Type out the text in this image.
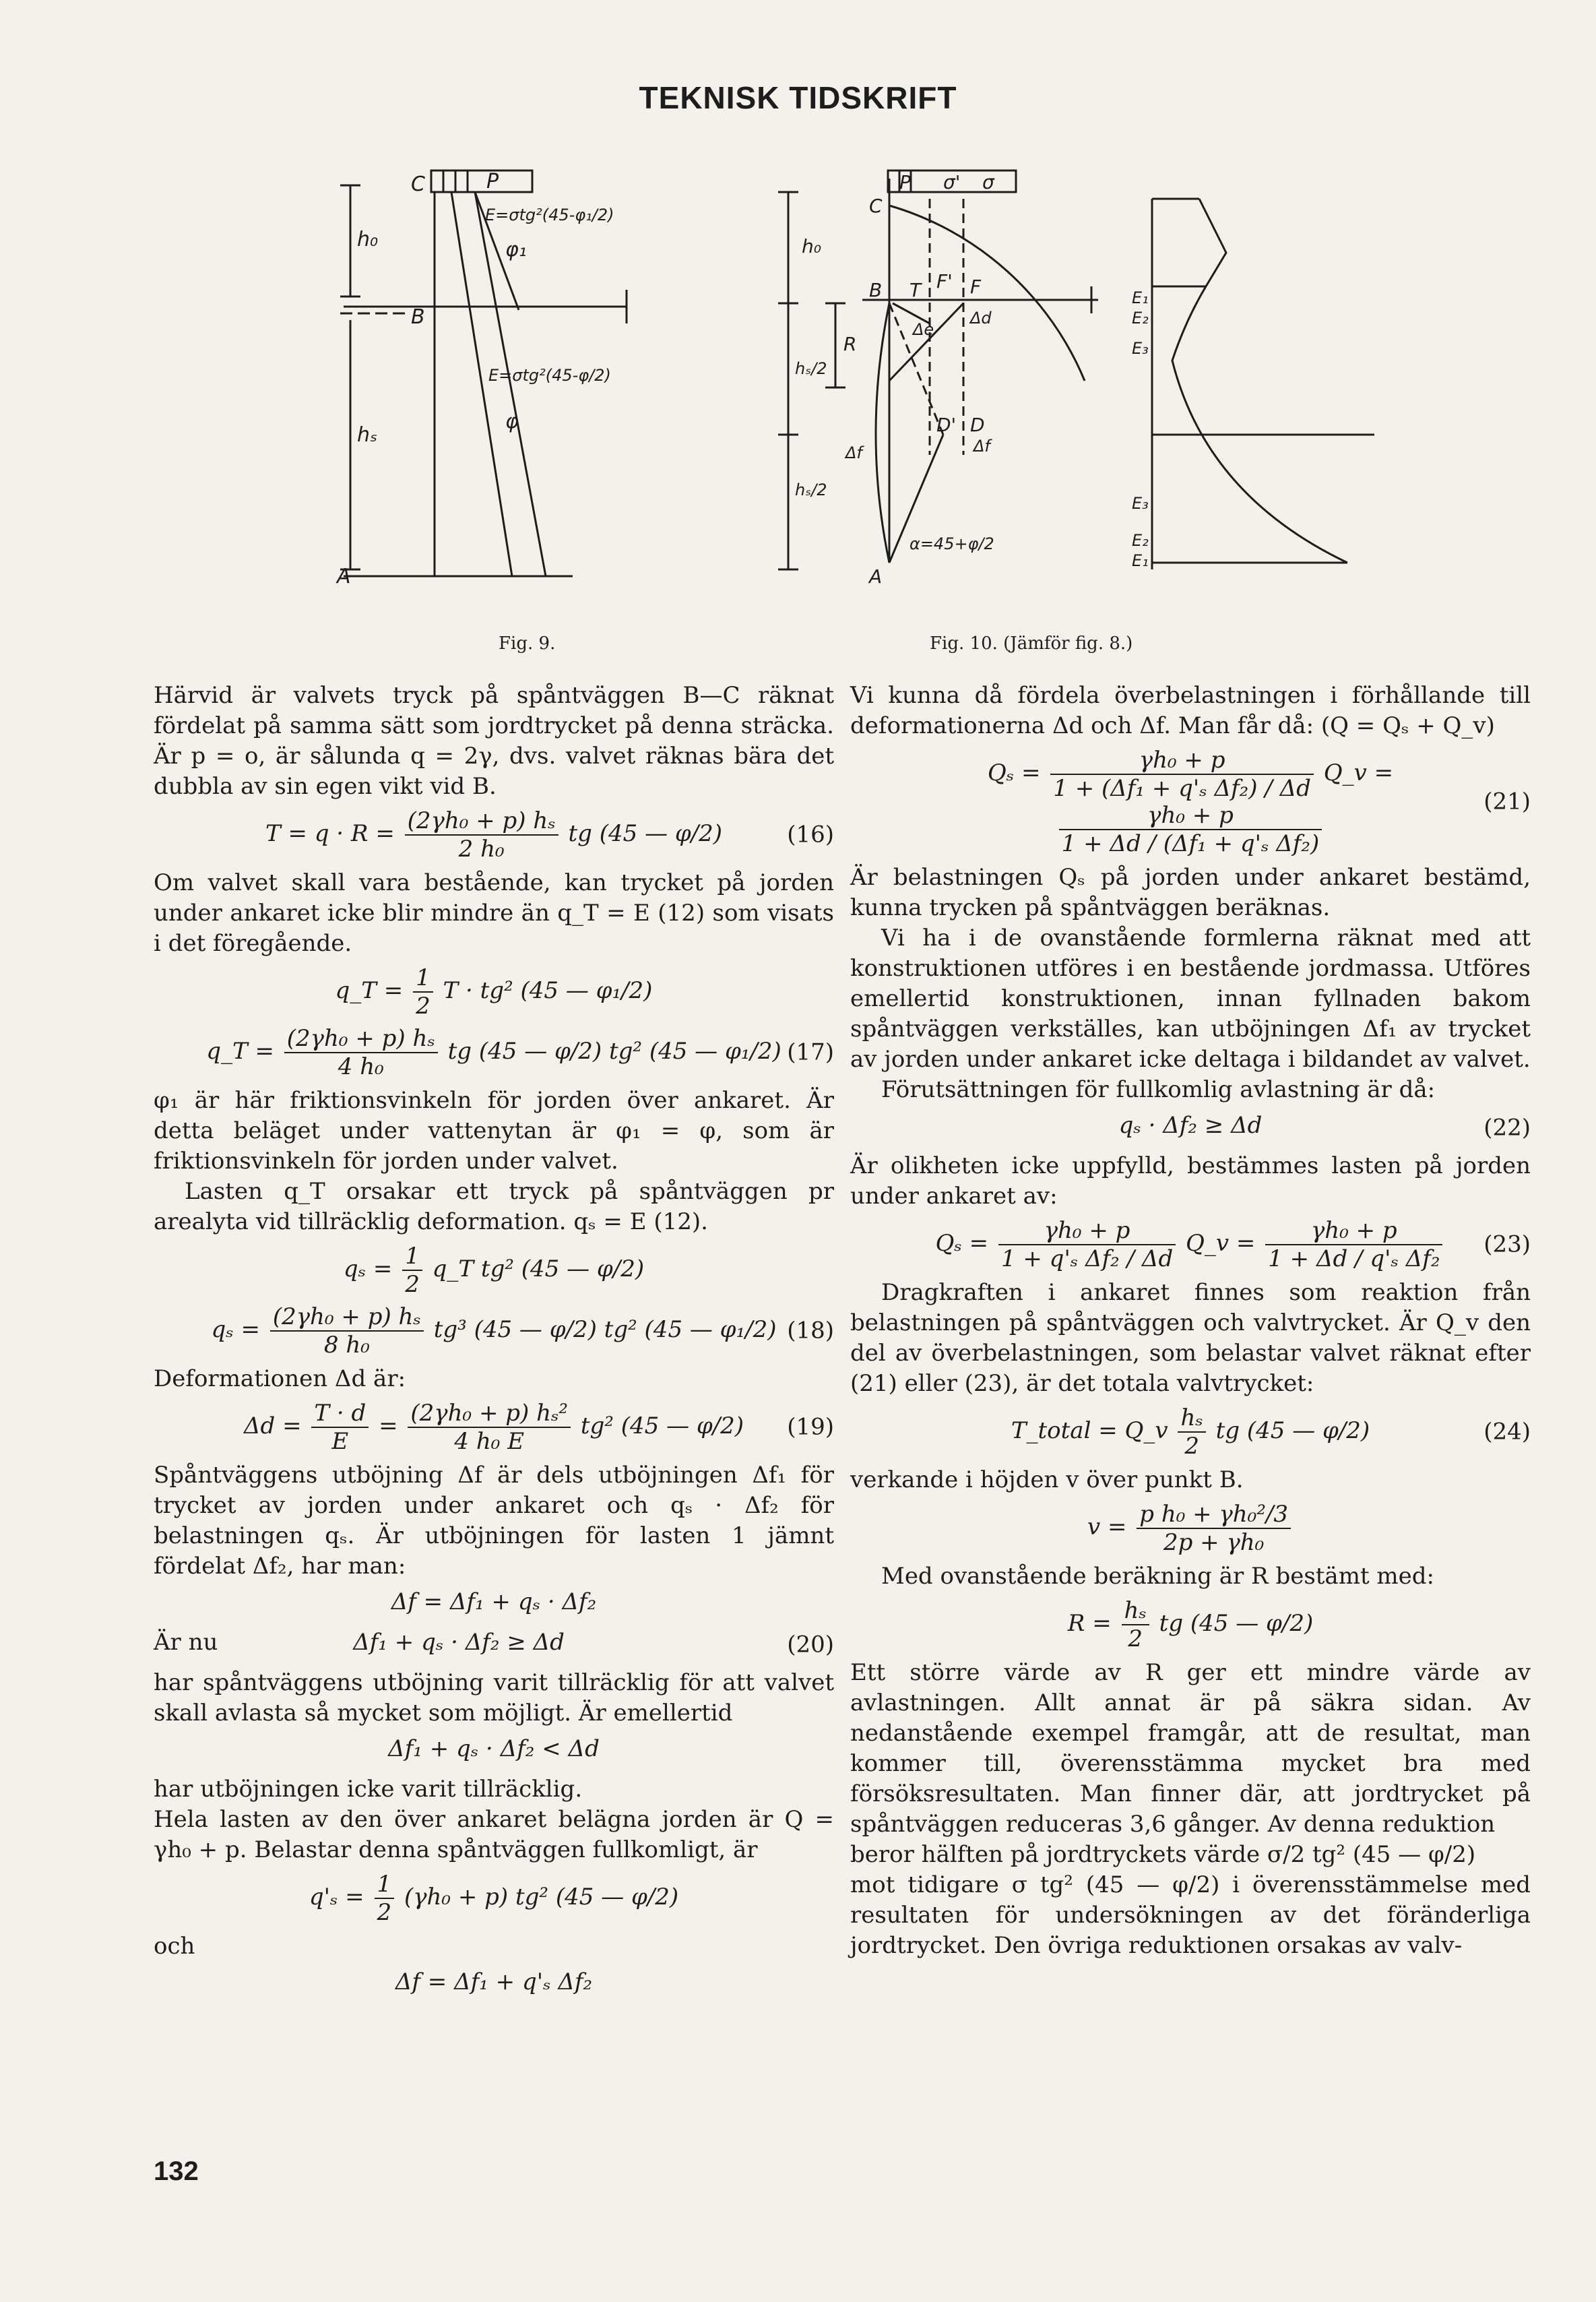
TEKNISK TIDSKRIFT
C	P
h₀
E=σtg²(45-φ₁/2)
φ₁
B
E=σtg²(45-φ/2)
φ
hₛ
A
Fig. 9.
P σ' σ
C
h₀
B T F' F
Δd
Δe
R
hₛ/2
hₛ/2
D' D
Δf	Δf
α=45+φ/2
A
E₁
E₂
E₃
E₃
E₂
E₁
Fig. 10. (Jämför fig. 8.)

Härvid är valvets tryck på spåntväggen B—C räknat fördelat på samma sätt som jordtrycket på denna sträcka. Är p = o, är sålunda q = 2γ, dvs. valvet räknas bära det dubbla av sin egen vikt vid B.

$T = q \cdot R = \frac{\text{(2γh₀ + p) hₛ}}{\text{2 h₀}}$ tg (45 — φ/2)	(16)

Om valvet skall vara bestående, kan trycket på jorden under ankaret icke blir mindre än q_T = E (12) som visats i det föregående.

q_T = $\frac{1}{2}$ T · tg² (45 — φ₁/2)
q_T = $\frac{\text{(2γh₀ + p) hₛ}}{\text{4 h₀}}$ tg (45 — φ/2) tg² (45 — φ₁/2) (17)

φ₁ är här friktionsvinkeln för jorden över ankaret. Är detta beläget under vattenytan är φ₁ = φ, som är friktionsvinkeln för jorden under valvet.

Lasten q_T orsakar ett tryck på spåntväggen pr arealyta vid tillräcklig deformation. qₛ = E (12).

$q_s = \frac{1}{2}$ q_T tg² (45 — φ/2)
$q_s = \frac{\text{(2γh₀ + p) hₛ}}{\text{8 h₀}} tg^3$ (45 — φ/2) tg² (45 — φ₁/2) (18)

Deformationen Δd är:

$\Delta d = \frac{T \cdot d}{E} = \frac{\text{(2γh₀ + p) hₛ²}}{\text{4 h₀ E}} tg^2$ (45 — φ/2) (19)

Spåntväggens utböjning Δf är dels utböjningen Δf₁ för trycket av jorden under ankaret och qₛ · Δf₂ för belastningen qₛ. Är utböjningen för lasten 1 jämnt fördelat Δf₂, har man:

Δf = Δf₁ + qₛ · Δf₂
Är nu	Δf₁ + qₛ · Δf₂ ≥ Δd	(20)

har spåntväggens utböjning varit tillräcklig för att valvet skall avlasta så mycket som möjligt. Är emellertid

Δf₁ + qₛ · Δf₂ < Δd

har utböjningen icke varit tillräcklig.

Hela lasten av den över ankaret belägna jorden är Q = γh₀ + p. Belastar denna spåntväggen fullkomligt, är

$q'_s = \frac{1}{2} (\gamma h_0 + p)$ tg² (45 — φ/2)

och

Δf = Δf₁ + q'ₛ Δf₂

Vi kunna då fördela överbelastningen i förhållande till deformationerna Δd och Δf. Man får då: (Q = Qₛ + Q_v)

$Q_s = \frac{\text{γh₀ + p}}{\text{1 + (Δf₁ + q'ₛ Δf₂) / Δd}}$ Q_v =
$\frac{\text{γh₀ + p}}{\text{1 + Δd / (Δf₁ + q'ₛ Δf₂)}}$
(21)

Är belastningen Qₛ på jorden under ankaret bestämd, kunna trycken på spåntväggen beräknas.

Vi ha i de ovanstående formlerna räknat med att konstruktionen utföres i en bestående jordmassa. Utföres emellertid konstruktionen, innan fyllnaden bakom spåntväggen verkställes, kan utböjningen Δf₁ av trycket av jorden under ankaret icke deltaga i bildandet av valvet.

Förutsättningen för fullkomlig avlastning är då:

qₛ · Δf₂ ≥ Δd	(22)

Är olikheten icke uppfylld, bestämmes lasten på jorden under ankaret av:

$Q_s = \frac{\text{γh₀ + p}}{\text{1 + q'ₛ Δf₂ / Δd}}$ Q_v = $\frac{\text{γh₀ + p}}{\text{1 + Δd / q'ₛ Δf₂}} (23)$

Dragkraften i ankaret finnes som reaktion från belastningen på spåntväggen och valvtrycket. Är Q_v den del av överbelastningen, som belastar valvet räknat efter (21) eller (23), är det totala valvtrycket:

T_total = Q_v $\frac{\text{hₛ}}{2}$ tg (45 — φ/2)	(24)

verkande i höjden v över punkt B.

$v = \frac{\text{p h₀ + γh₀²/3}}{\text{2p + γh₀}}$

Med ovanstående beräkning är R bestämt med:

$R = \frac{\text{hₛ}}{2}$ tg (45 — φ/2)

Ett större värde av R ger ett mindre värde av avlastningen. Allt annat är på säkra sidan. Av nedanstående exempel framgår, att de resultat, man kommer till, överensstämma mycket bra med försöksresultaten. Man finner där, att jordtrycket på spåntväggen reduceras 3,6 gånger. Av denna reduktion

beror hälften på jordtryckets värde σ/2 tg² (45 — φ/2)

mot tidigare σ tg² (45 — φ/2) i överensstämmelse med resultaten för undersökningen av det föränderliga jordtrycket. Den övriga reduktionen orsakas av valv-

132
